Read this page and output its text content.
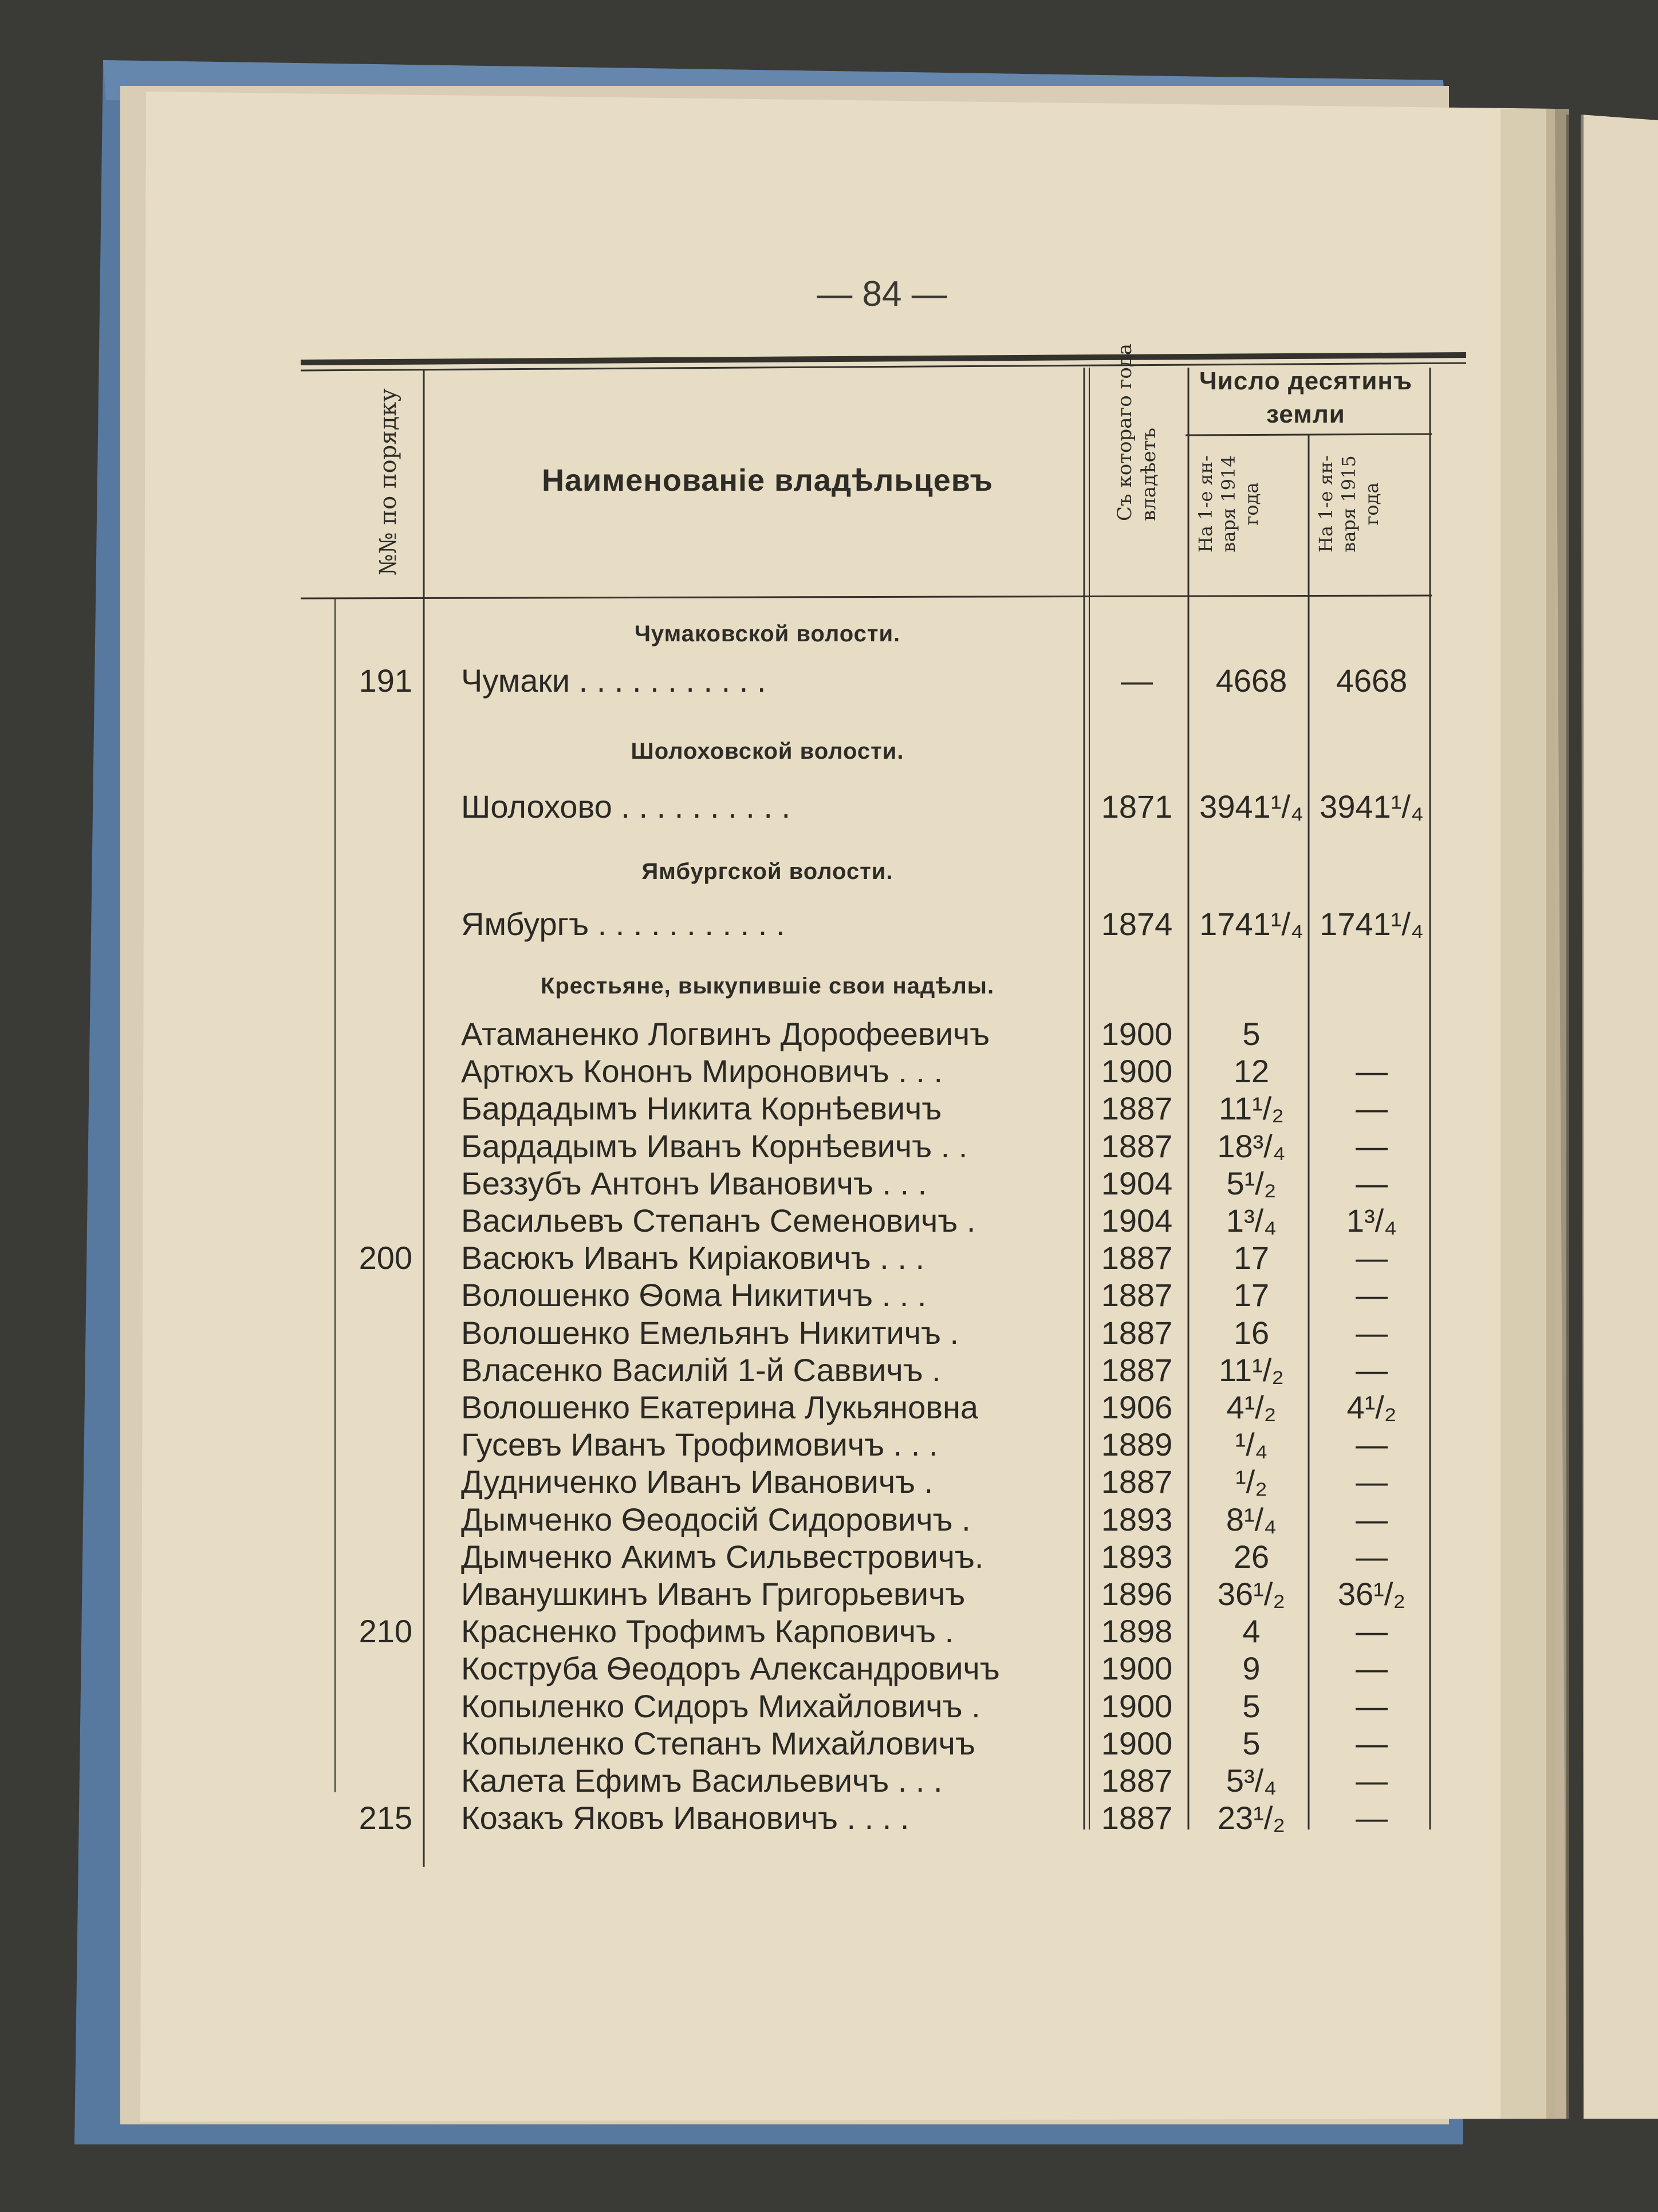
— 84 —
№№ по порядку	Наименованіе владѣльцевъ	Съ котораго года владѣетъ
Число десятинъ
земли
На 1-е ян- варя 1914 года	На 1-е ян- варя 1915 года
Чумаковской волости.
191 Чумаки . . . . . . . . . . .	—	4668	4668
Шолоховской волости.
Шолохово . . . . . . . . . .	1871 3941¹/₄ 3941¹/₄
Ямбургской волости.
Ямбургъ . . . . . . . . . . .	1874 1741¹/₄ 1741¹/₄
Крестьяне, выкупившіе свои надѣлы.
Атаманенко Логвинъ Дорофеевичъ	1900	5
Артюхъ Кононъ Мироновичъ . . .	1900	12	—
Бардадымъ Никита Корнѣевичъ	1887	11¹/₂	—
Бардадымъ Иванъ Корнѣевичъ . .	1887	18³/₄	—
Беззубъ Антонъ Ивановичъ . . .	1904	5¹/₂	—
Васильевъ Степанъ Семеновичъ .	1904	1³/₄	1³/₄
200 Васюкъ Иванъ Киріаковичъ . . .	1887	17	—
Волошенко Ѳома Никитичъ . . .	1887	17	—
Волошенко Емельянъ Никитичъ .	1887	16	—
Власенко Василій 1-й Саввичъ .	1887	11¹/₂	—
Волошенко Екатерина Лукьяновна	1906	4¹/₂	4¹/₂
Гусевъ Иванъ Трофимовичъ . . .	1889	¹/₄	—
Дудниченко Иванъ Ивановичъ .	1887	¹/₂	—
Дымченко Ѳеодосій Сидоровичъ .	1893	8¹/₄	—
Дымченко Акимъ Сильвестровичъ.	1893	26	—
Иванушкинъ Иванъ Григорьевичъ	1896	36¹/₂	36¹/₂
210 Красненко Трофимъ Карповичъ .	1898	4	—
Коструба Ѳеодоръ Александровичъ	1900	9	—
Копыленко Сидоръ Михайловичъ .	1900	5	—
Копыленко Степанъ Михайловичъ	1900	5	—
Калета Ефимъ Васильевичъ . . .	1887	5³/₄	—
215 Козакъ Яковъ Ивановичъ . . . .	1887	23¹/₂	—
